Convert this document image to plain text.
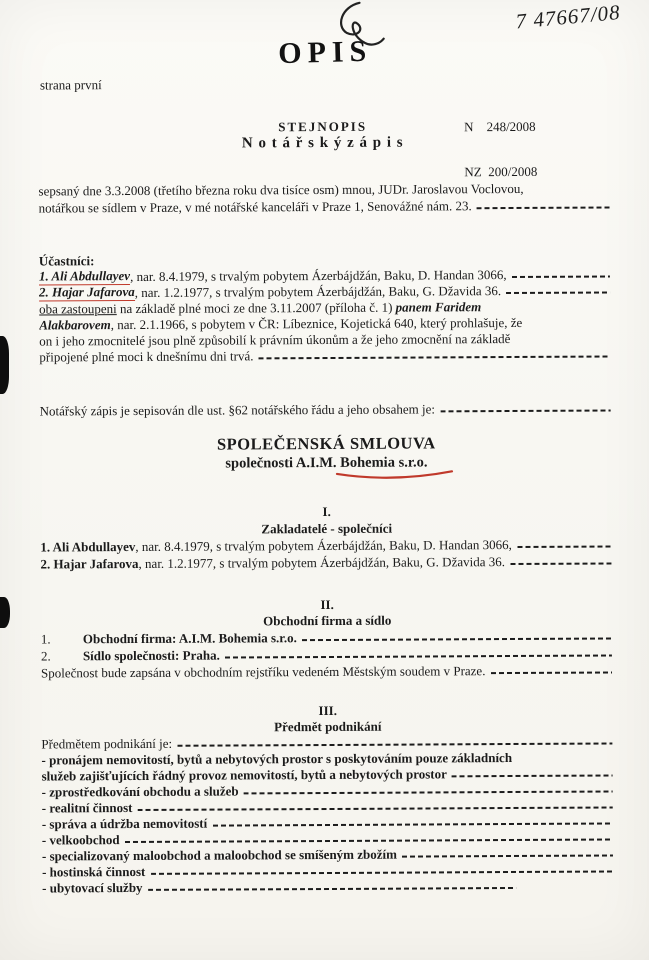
OPIS
7 47667/08
strana první

N    248/2008

NZ  200/2008

STEJNOPIS
N o t á ř s k ý z á p i s
sepsaný dne 3.3.2008 (třetího března roku dva tisíce osm) mnou, JUDr. Jaroslavou Voclovou,
notářkou se sídlem v Praze, v mé notářské kanceláři v Praze 1, Senovážné nám. 23.
Účastníci:
1. Ali Abdullayev , nar. 8.4.1979, s trvalým pobytem Ázerbájdžán, Baku, D. Handan 3066,
2. Hajar Jafarova , nar. 1.2.1977, s trvalým pobytem Ázerbájdžán, Baku, G. Džavida 36.
oba zastoupeni na základě plné moci ze dne 3.11.2007 (příloha č. 1) panem Faridem
Alakbarovem , nar. 2.1.1966, s pobytem v ČR: Líbeznice, Kojetická 640, který prohlašuje, že
on i jeho zmocnitelé jsou plně způsobilí k právním úkonům a že jeho zmocnění na základě
připojené plné moci k dnešnímu dni trvá.
Notářský zápis je sepisován dle ust. §62 notářského řádu a jeho obsahem je:
SPOLEČENSKÁ SMLOUVA
společnosti A.I.M. Bohemia s.r.o.
I.
Zakladatelé - společníci
1. Ali Abdullayev , nar. 8.4.1979, s trvalým pobytem Ázerbájdžán, Baku, D. Handan 3066,
2. Hajar Jafarova , nar. 1.2.1977, s trvalým pobytem Ázerbájdžán, Baku, G. Džavida 36.
II.
Obchodní firma a sídlo
1.	Obchodní firma: A.I.M. Bohemia s.r.o.
2.	Sídlo společnosti: Praha.
Společnost bude zapsána v obchodním rejstříku vedeném Městským soudem v Praze.
III.
Předmět podnikání
Předmětem podnikání je:
- pronájem nemovitostí, bytů a nebytových prostor s poskytováním pouze základních
služeb zajišťujících řádný provoz nemovitostí, bytů a nebytových prostor
- zprostředkování obchodu a služeb
- realitní činnost
- správa a údržba nemovitostí
- velkoobchod
- specializovaný maloobchod a maloobchod se smíšeným zbožím
- hostinská činnost
- ubytovací služby
